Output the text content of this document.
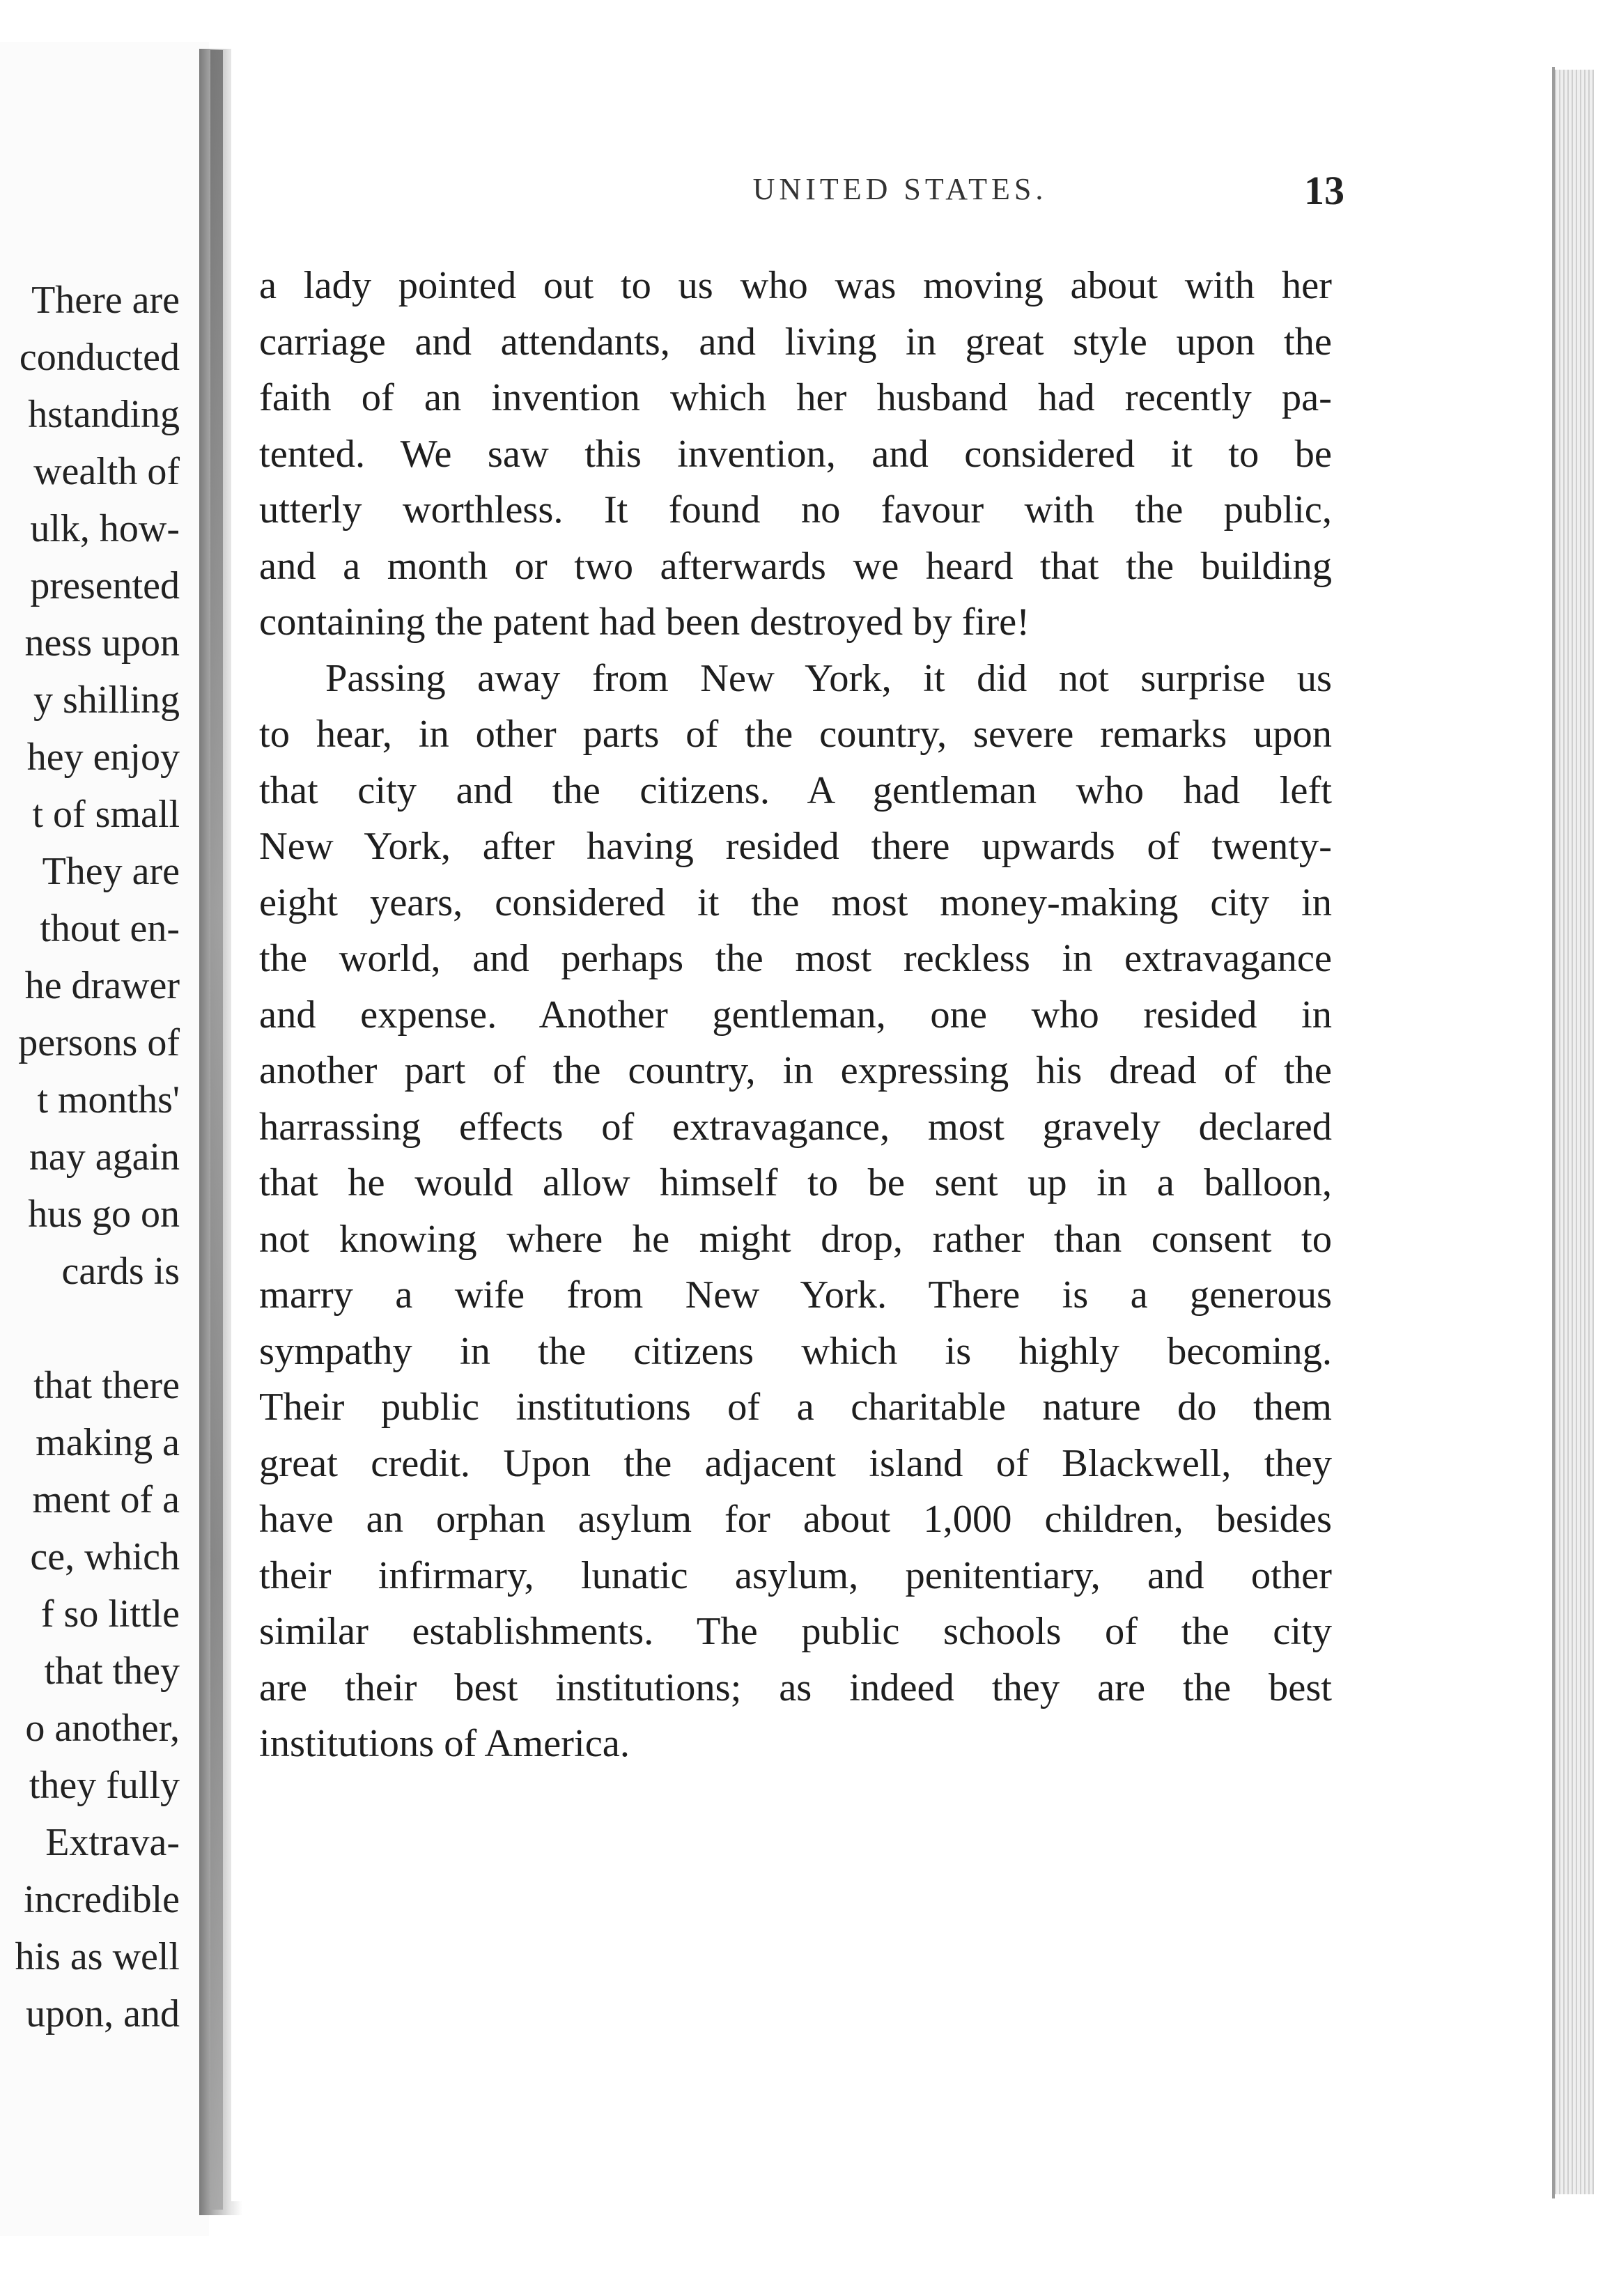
There are
conducted
hstanding
wealth of
ulk, how-
presented
ness upon
y shilling
hey enjoy
t of small
They are
thout en-
he drawer
persons of
t months'
nay again
hus go on
cards is
that there
making a
ment of a
ce, which
f so little
that they
o another,
they fully
Extrava-
incredible
his as well
upon, and
UNITED STATES.	13
a lady pointed out to us who was moving about with her
carriage and attendants, and living in great style upon the
faith of an invention which her husband had recently pa-
tented. We saw this invention, and considered it to be
utterly worthless. It found no favour with the public,
and a month or two afterwards we heard that the building
containing the patent had been destroyed by fire!
Passing away from New York, it did not surprise us
to hear, in other parts of the country, severe remarks upon
that city and the citizens. A gentleman who had left
New York, after having resided there upwards of twenty-
eight years, considered it the most money-making city in
the world, and perhaps the most reckless in extravagance
and expense. Another gentleman, one who resided in
another part of the country, in expressing his dread of the
harrassing effects of extravagance, most gravely declared
that he would allow himself to be sent up in a balloon,
not knowing where he might drop, rather than consent to
marry a wife from New York. There is a generous
sympathy in the citizens which is highly becoming.
Their public institutions of a charitable nature do them
great credit. Upon the adjacent island of Blackwell, they
have an orphan asylum for about 1,000 children, besides
their infirmary, lunatic asylum, penitentiary, and other
similar establishments. The public schools of the city
are their best institutions; as indeed they are the best
institutions of America.
